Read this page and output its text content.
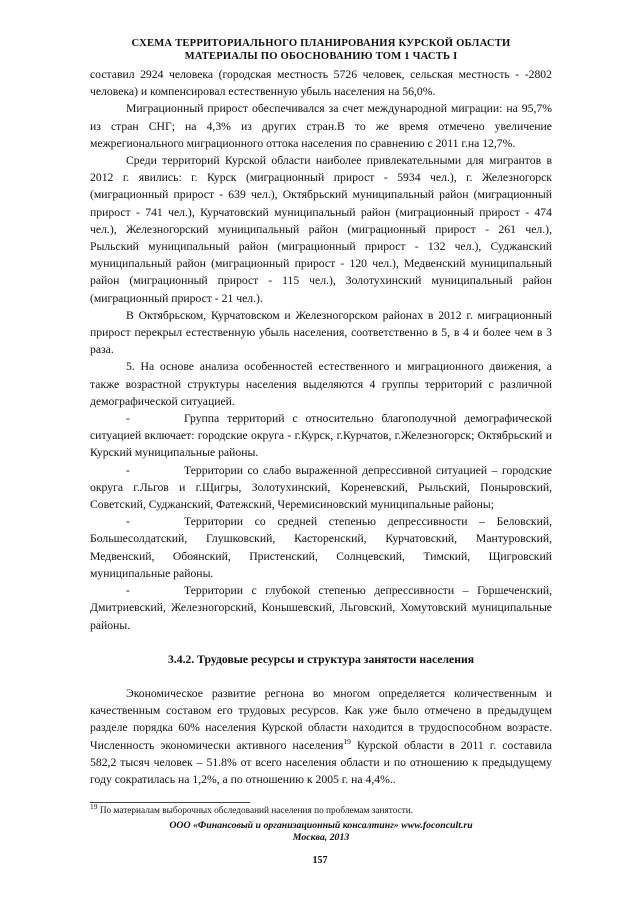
СХЕМА ТЕРРИТОРИАЛЬНОГО ПЛАНИРОВАНИЯ КУРСКОЙ ОБЛАСТИ
МАТЕРИАЛЫ ПО ОБОСНОВАНИЮ ТОМ 1 ЧАСТЬ I

составил 2924 человека (городская местность 5726 человек, сельская местность - -2802 человека) и компенсировал естественную убыль населения на 56,0%.

Миграционный прирост обеспечивался за счет международной миграции: на 95,7% из стран СНГ; на 4,3% из других стран.В то же время отмечено увеличение межрегионального миграционного оттока населения по сравнению с 2011 г.на 12,7%.

Среди территорий Курской области наиболее привлекательными для мигрантов в 2012 г. явились: г. Курск (миграционный прирост - 5934 чел.), г. Железногорск (миграционный прирост - 639 чел.), Октябрьский муниципальный район (миграционный прирост - 741 чел.), Курчатовский муниципальный район (миграционный прирост - 474 чел.), Железногорский муниципальный район (миграционный прирост - 261 чел.), Рыльский муниципальный район (миграционный прирост - 132 чел.), Суджанский муниципальный район (миграционный прирост - 120 чел.), Медвенский муниципальный район (миграционный прирост - 115 чел.), Золотухинский муниципальный район (миграционный прирост - 21 чел.).

В Октябрьском, Курчатовском и Железногорском районах в 2012 г. миграционный прирост перекрыл естественную убыль населения, соответственно в 5, в 4 и более чем в 3 раза.

5. На основе анализа особенностей естественного и миграционного движения, а также возрастной структуры населения выделяются 4 группы территорий с различной демографической ситуацией.

-	Группа территорий с относительно благополучной демографической ситуацией включает: городские округа - г.Курск, г.Курчатов, г.Железногорск; Октябрьский и Курский муниципальные районы.

-	Территории со слабо выраженной депрессивной ситуацией – городские округа г.Льгов и г.Щигры, Золотухинский, Кореневский, Рыльский, Поныровский, Советский, Суджанский, Фатежский, Черемисиновский муниципальные районы;

-	Территории со средней степенью депрессивности – Беловский, Большесолдатский, Глушковский, Касторенский, Курчатовский, Мантуровский, Медвенский, Обоянский, Пристенский, Солнцевский, Тимский, Щигровский муниципальные районы.

-	Территории с глубокой степенью депрессивности – Горшеченский, Дмитриевский, Железногорский, Конышевский, Льговский, Хомутовский муниципальные районы.

3.4.2. Трудовые ресурсы и структура занятости населения

Экономическое развитие регнона во многом определяется количественным и качественным составом его трудовых ресурсов. Как уже было отмечено в предыдущем разделе порядка 60% населения Курской области находится в трудоспособном возрасте. Численность экономически активного населения$^{19}$ Курской области в 2011 г. составила 582,2 тысяч человек – 51.8% от всего населения области и по отношению к предыдущему году сократилась на 1,2%, а по отношению к 2005 г. на 4,4%..

$^{19}$ По материалам выборочных обследований населения по проблемам занятости.
ООО «Финансовый и организационный консалтинг» www.foconcult.ru
Москва, 2013
157
